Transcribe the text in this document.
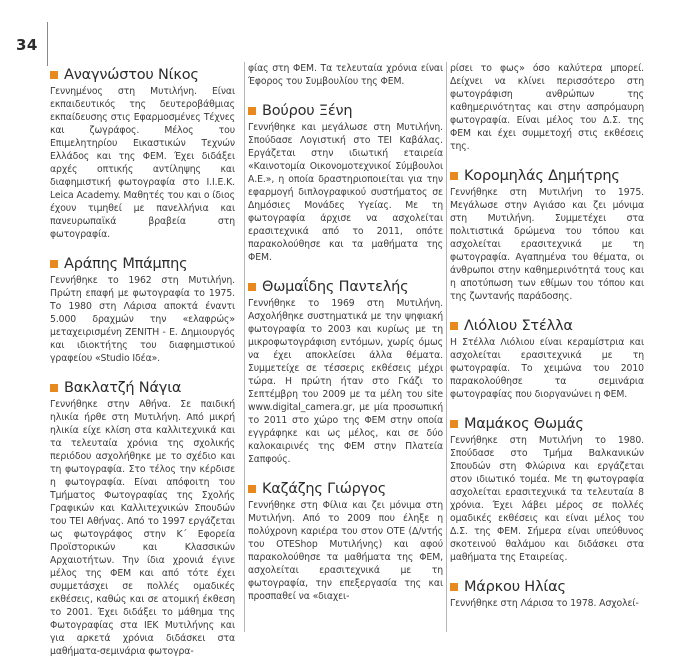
34
Αναγνώστου Νίκος

Γεννημένος στη Μυτιλήνη. Είναι εκπαιδευτικός της δευτεροβάθμιας εκπαίδευσης στις Εφαρμοσμένες Τέχνες και ζωγράφος. Μέλος του Επιμελητηρίου Εικαστικών Τεχνών Ελλάδος και της ΦΕΜ. Έχει διδάξει αρχές οπτικής αντίληψης και διαφημιστική φωτογραφία στο Ι.Ι.Ε.Κ. Leica Academy. Μαθητές του και ο ίδιος έχουν τιμηθεί με πανελλήνια και πανευρωπαϊκά βραβεία στη φωτογραφία.

Αράπης Μπάμπης

Γεννήθηκε το 1962 στη Μυτιλήνη. Πρώτη επαφή με φωτογραφία το 1975. Το 1980 στη Λάρισα αποκτά έναντι 5.000 δραχμών την «ελαφρώς» μεταχειρισμένη ZENITH - E. Δημιουργός και ιδιοκτήτης του διαφημιστικού γραφείου «Studio Ιδέα».

Βακλατζή Νάγια

Γεννήθηκε στην Αθήνα. Σε παιδική ηλικία ήρθε στη Μυτιλήνη. Από μικρή ηλικία είχε κλίση στα καλλιτεχνικά και τα τελευταία χρόνια της σχολικής περιόδου ασχολήθηκε με το σχέδιο και τη φωτογραφία. Στο τέλος την κέρδισε η φωτογραφία. Είναι απόφοιτη του Τμήματος Φωτογραφίας της Σχολής Γραφικών και Καλλιτεχνικών Σπουδών του ΤΕΙ Αθήνας. Από το 1997 εργάζεται ως φωτογράφος στην Κ΄ Εφορεία Προϊστορικών και Κλασσικών Αρχαιοτήτων. Την ίδια χρονιά έγινε μέλος της ΦΕΜ και από τότε έχει συμμετάσχει σε πολλές ομαδικές εκθέσεις, καθώς και σε ατομική έκθεση το 2001. Έχει διδάξει το μάθημα της Φωτογραφίας στα ΙΕΚ Μυτιλήνης και για αρκετά χρόνια διδάσκει στα μαθήματα-σεμινάρια φωτογρα-

φίας στη ΦΕΜ. Τα τελευταία χρόνια είναι Έφορος του Συμβουλίου της ΦΕΜ.

Βούρου Ξένη

Γεννήθηκε και μεγάλωσε στη Μυτιλήνη. Σπούδασε Λογιστική στο ΤΕΙ Καβάλας. Εργάζεται στην ιδιωτική εταιρεία «Καινοτομία Οικονομοτεχνικοί Σύμβουλοι Α.Ε.», η οποία δραστηριοποιείται για την εφαρμογή διπλογραφικού συστήματος σε Δημόσιες Μονάδες Υγείας. Με τη φωτογραφία άρχισε να ασχολείται ερασιτεχνικά από το 2011, οπότε παρακολούθησε και τα μαθήματα της ΦΕΜ.

Θωμαΐδης Παντελής

Γεννήθηκε το 1969 στη Μυτιλήνη. Ασχολήθηκε συστηματικά με την ψηφιακή φωτογραφία το 2003 και κυρίως με τη μικροφωτογράφιση εντόμων, χωρίς όμως να έχει αποκλείσει άλλα θέματα. Συμμετείχε σε τέσσερις εκθέσεις μέχρι τώρα. Η πρώτη ήταν στο Γκάζι το Σεπτέμβρη του 2009 με τα μέλη του site www.digital_camera.gr, με μία προσωπική το 2011 στο χώρο της ΦΕΜ στην οποία εγγράφηκε και ως μέλος, και σε δύο καλοκαιρινές της ΦΕΜ στην Πλατεία Σαπφούς.

Καζάζης Γιώργος

Γεννήθηκε στη Φίλια και ζει μόνιμα στη Μυτιλήνη. Από το 2009 που έληξε η πολύχρονη καριέρα του στον ΟΤΕ (Δ/ντής του OTEShop Μυτιλήνης) και αφού παρακολούθησε τα μαθήματα της ΦΕΜ, ασχολείται ερασιτεχνικά με τη φωτογραφία, την επεξεργασία της και προσπαθεί να «διαχει-

ρίσει το φως» όσο καλύτερα μπορεί. Δείχνει να κλίνει περισσότερο στη φωτογράφιση ανθρώπων της καθημερινότητας και στην ασπρόμαυρη φωτογραφία. Είναι μέλος του Δ.Σ. της ΦΕΜ και έχει συμμετοχή στις εκθέσεις της.

Κορομηλάς Δημήτρης

Γεννήθηκε στη Μυτιλήνη το 1975. Μεγάλωσε στην Αγιάσο και ζει μόνιμα στη Μυτιλήνη. Συμμετέχει στα πολιτιστικά δρώμενα του τόπου και ασχολείται ερασιτεχνικά με τη φωτογραφία. Αγαπημένα του θέματα, οι άνθρωποι στην καθημερινότητά τους και η αποτύπωση των εθίμων του τόπου και της ζωντανής παράδοσης.

Λιόλιου Στέλλα

Η Στέλλα Λιόλιου είναι κεραμίστρια και ασχολείται ερασιτεχνικά με τη φωτογραφία. Το χειμώνα του 2010 παρακολούθησε τα σεμινάρια φωτογραφίας που διοργανώνει η ΦΕΜ.

Μαμάκος Θωμάς

Γεννήθηκε στη Μυτιλήνη το 1980. Σπούδασε στο Τμήμα Βαλκανικών Σπουδών στη Φλώρινα και εργάζεται στον ιδιωτικό τομέα. Με τη φωτογραφία ασχολείται ερασιτεχνικά τα τελευταία 8 χρόνια. Έχει λάβει μέρος σε πολλές ομαδικές εκθέσεις και είναι μέλος του Δ.Σ. της ΦΕΜ. Σήμερα είναι υπεύθυνος σκοτεινού θαλάμου και διδάσκει στα μαθήματα της Εταιρείας.

Μάρκου Ηλίας

Γεννήθηκε στη Λάρισα το 1978. Ασχολεί-
